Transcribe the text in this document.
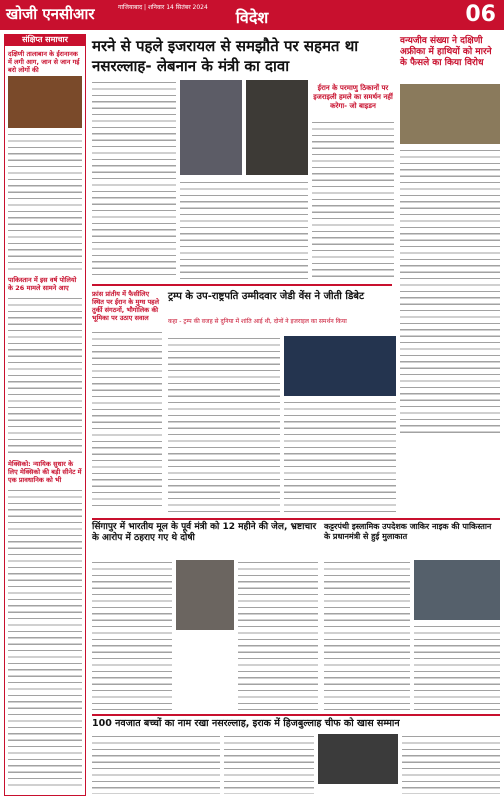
खोजी एनसीआर	गाजियाबाद | शनिवार 14 सितंबर 2024
विदेश	06
संक्षिप्त समाचार
दक्षिणी तालाबान के ईरानानक में लगी आग, जान से जान गई बरो लोगों की
पाकिस्तान में इस वर्ष पोलियो के 26 मामले सामने आए
मेक्सिको: न्यायिक सुधार के लिए मेक्सिको की बड़ी सीनेट में एक प्रावधानिक को भी
मरने से पहले इजरायल से समझौते पर सहमत था नसरल्लाह- लेबनान के मंत्री का दावा
ईरान के परमाणु ठिकानों पर इजराइली हमले का समर्थन नहीं करेगा- जो बाइडन
वन्यजीव संख्या ने दक्षिणी अफ्रीका में हाथियों को मारने के फैसले का किया विरोध
फ्रांस प्रांतीय में फैसीलिए स्थित पर ईरान के मुग्ध पहले तुर्की संगठनों, भौगोलिक की भूमिका पर उठाए सवाल
ट्रम्प के उप-राष्ट्रपति उम्मीदवार जेडी वेंस ने जीती डिबेट
कहा - ट्रम्प की वजह से दुनिया में शांति आई थी, दोनों ने इजराइल का समर्थन किया
सिंगापुर में भारतीय मूल के पूर्व मंत्री को 12 महीने की जेल, भ्रष्टाचार के आरोप में ठहराए गए थे दोषी
कट्टरपंथी इस्लामिक उपदेशक जाकिर नाइक की पाकिस्तान के प्रधानमंत्री से हुई मुलाकात
100 नवजात बच्चों का नाम रखा नसरल्लाह, इराक में हिजबुल्लाह चीफ को खास सम्मान
